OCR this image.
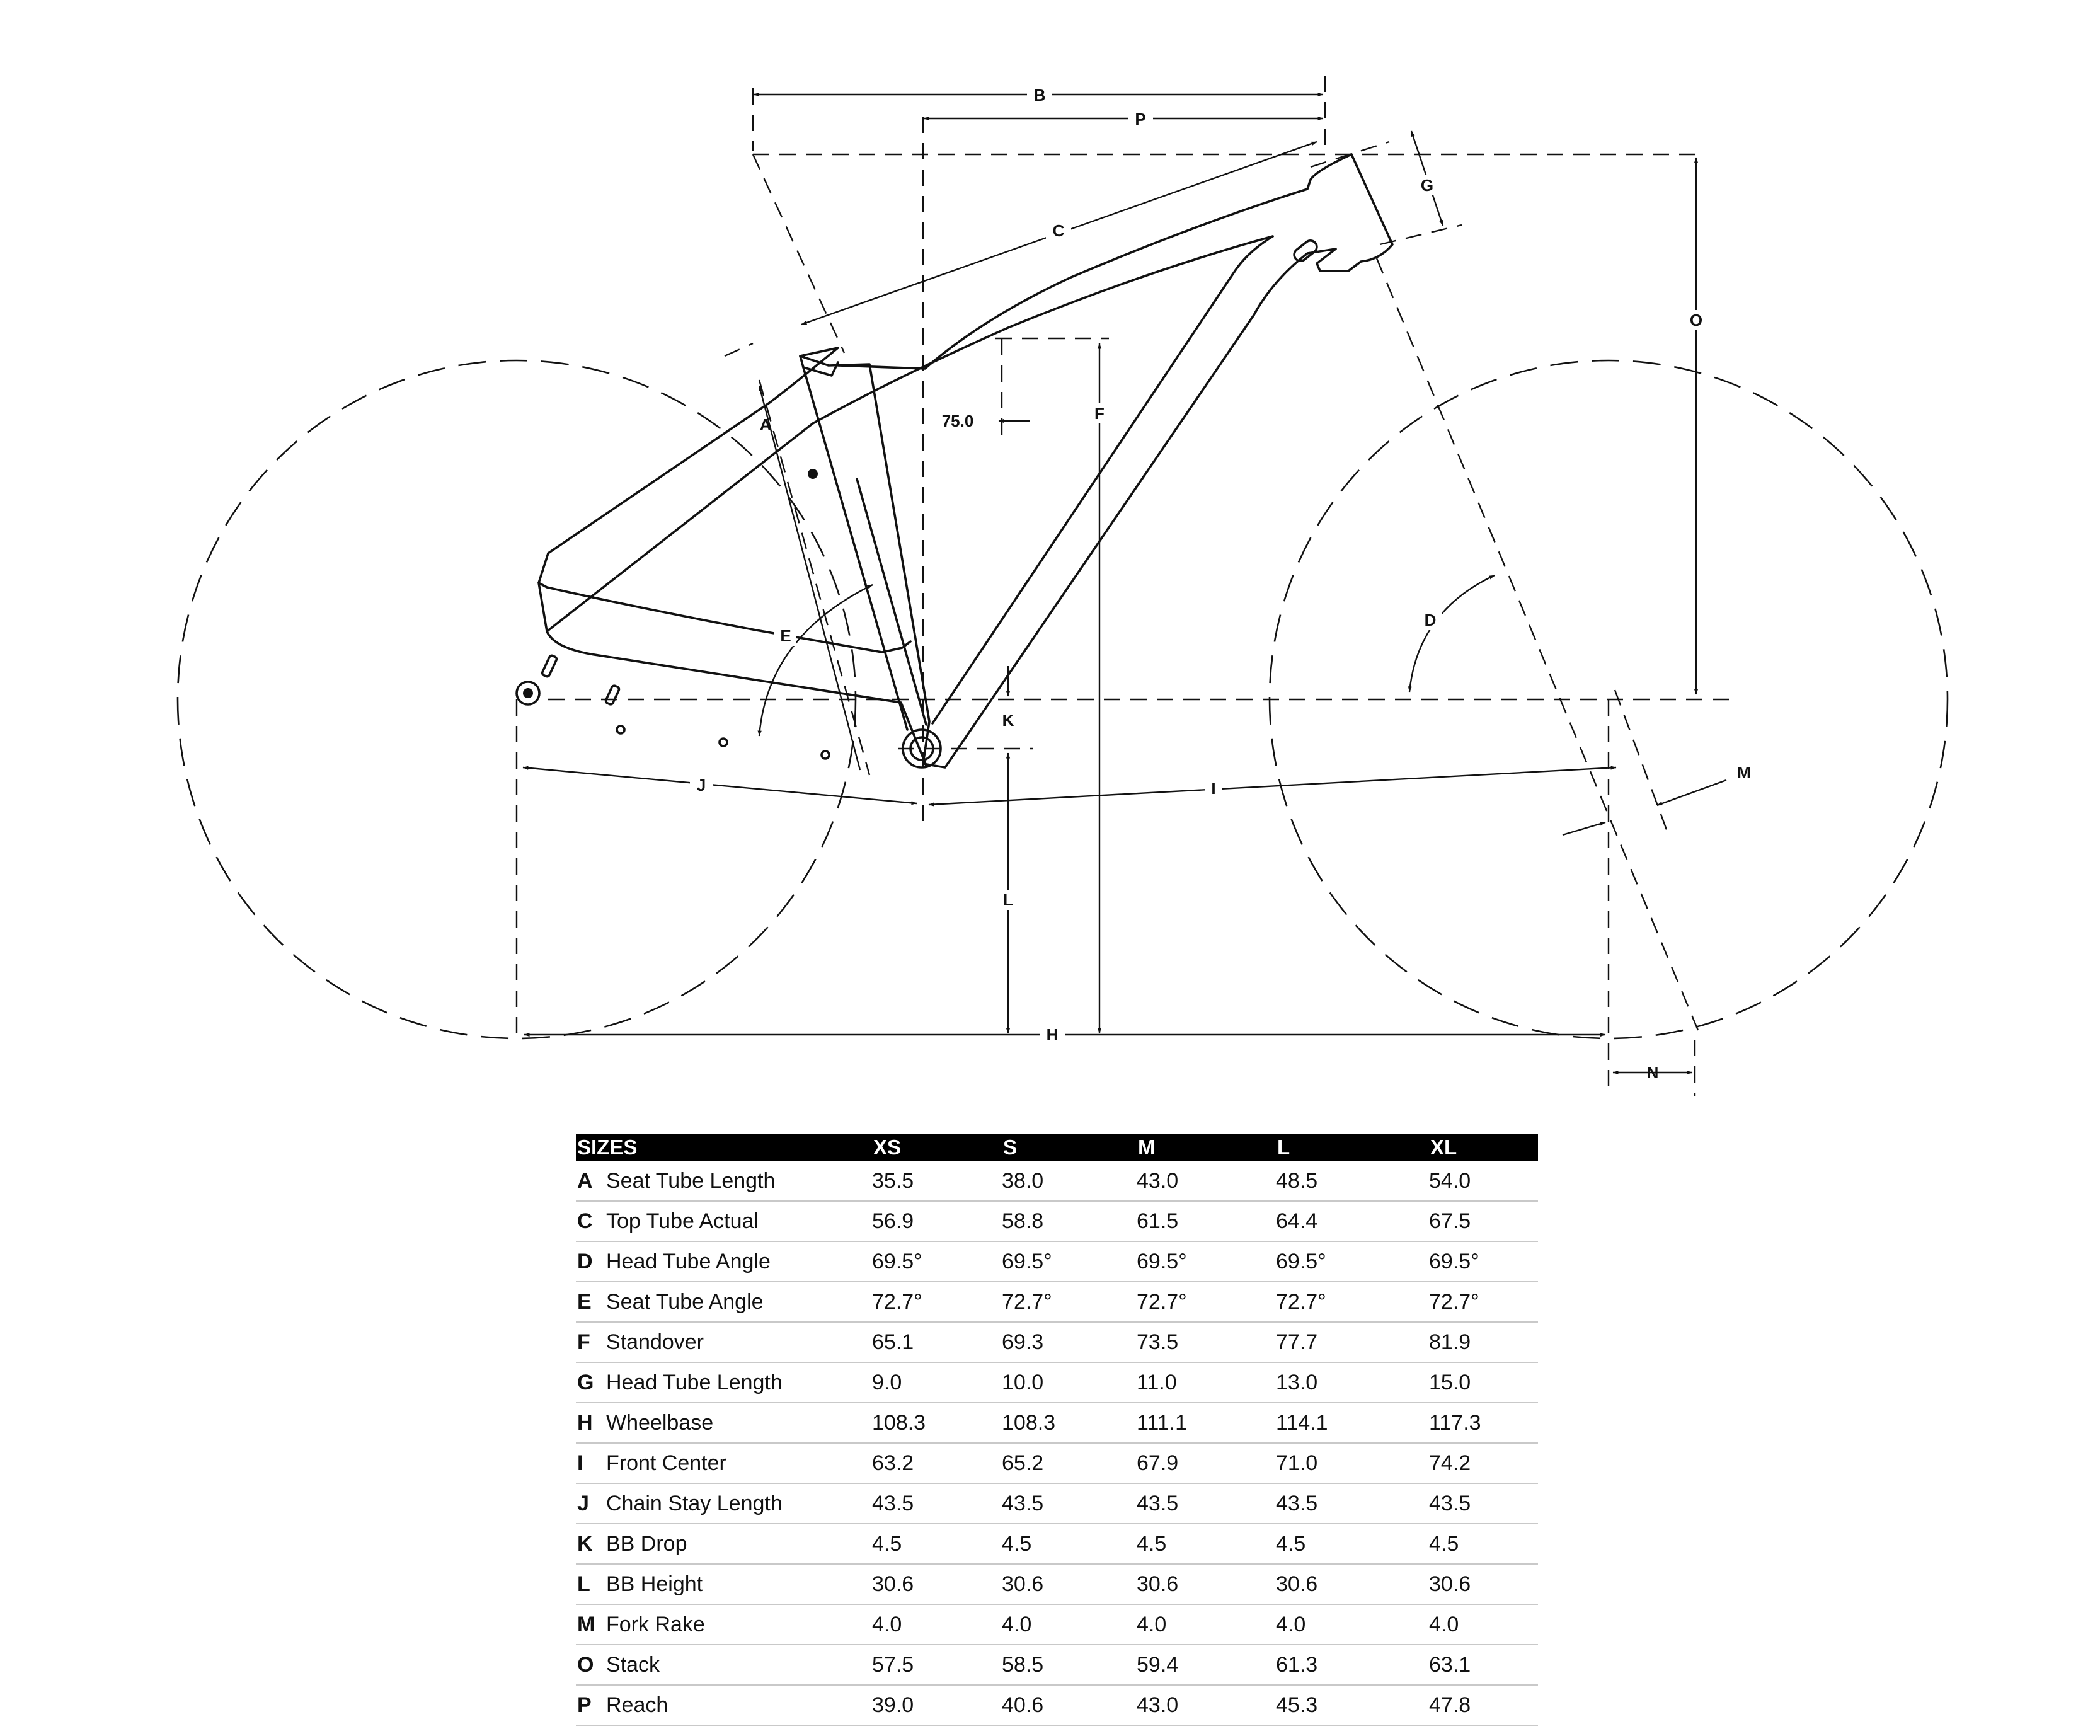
B
P
C
G
O
A
F
75.0
E
D
K
M
J	I
L
H
N
SIZES	XS	S	M	L	XL
A Seat Tube Length	35.5	38.0	43.0	48.5	54.0
C Top Tube Actual	56.9	58.8	61.5	64.4	67.5
D Head Tube Angle	69.5°	69.5°	69.5°	69.5°	69.5°
E Seat Tube Angle	72.7°	72.7°	72.7°	72.7°	72.7°
F Standover	65.1	69.3	73.5	77.7	81.9
G Head Tube Length	9.0	10.0	11.0	13.0	15.0
H Wheelbase	108.3	108.3	111.1	114.1	117.3
I Front Center	63.2	65.2	67.9	71.0	74.2
J Chain Stay Length	43.5	43.5	43.5	43.5	43.5
K BB Drop	4.5	4.5	4.5	4.5	4.5
L BB Height	30.6	30.6	30.6	30.6	30.6
M Fork Rake	4.0	4.0	4.0	4.0	4.0
O Stack	57.5	58.5	59.4	61.3	63.1
P Reach	39.0	40.6	43.0	45.3	47.8
